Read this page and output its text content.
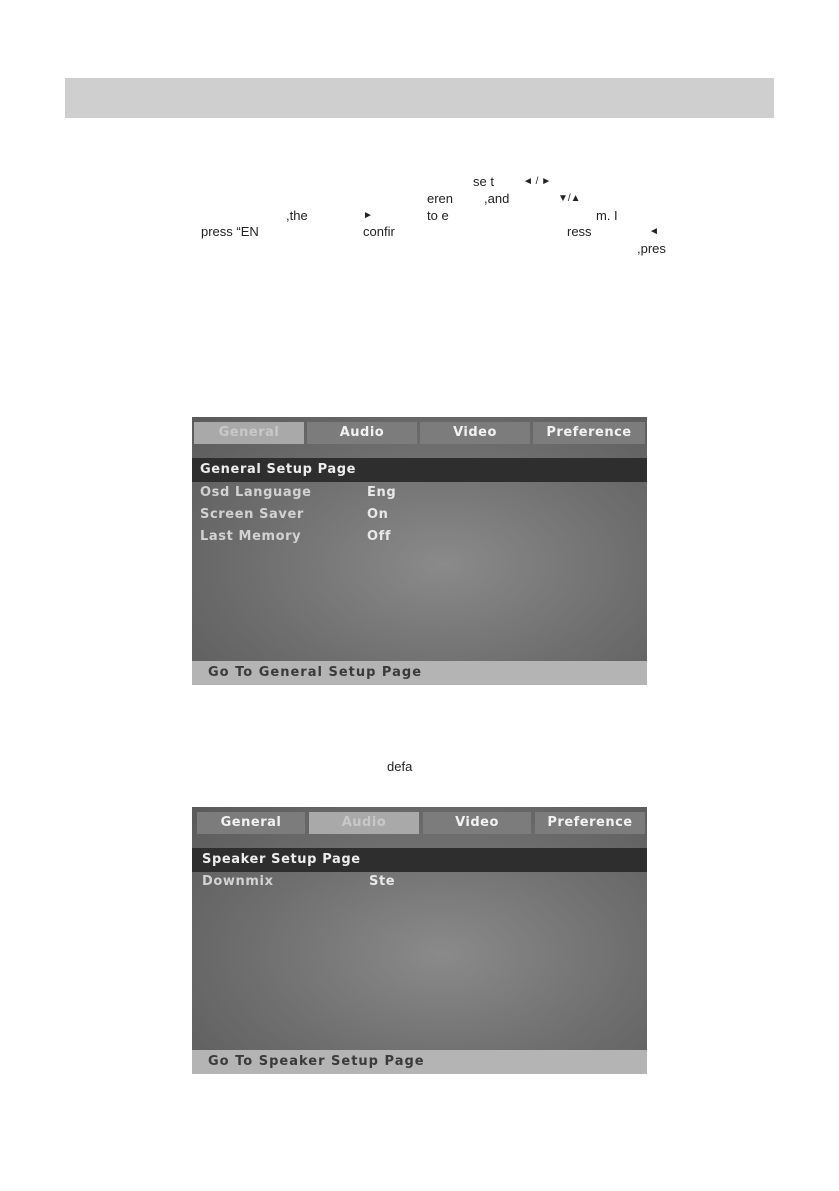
se t	◄ / ►
eren ,and	▼/▲
,the	►	to e	m. I
press “EN	confir	ress	◄
,pres
General	Audio	Video	Preference
General Setup Page
Osd Language	Eng
Screen Saver	On
Last Memory	Off
Go To General Setup Page
defa
General	Audio	Video	Preference
Speaker Setup Page
Downmix	Ste
Go To Speaker Setup Page
